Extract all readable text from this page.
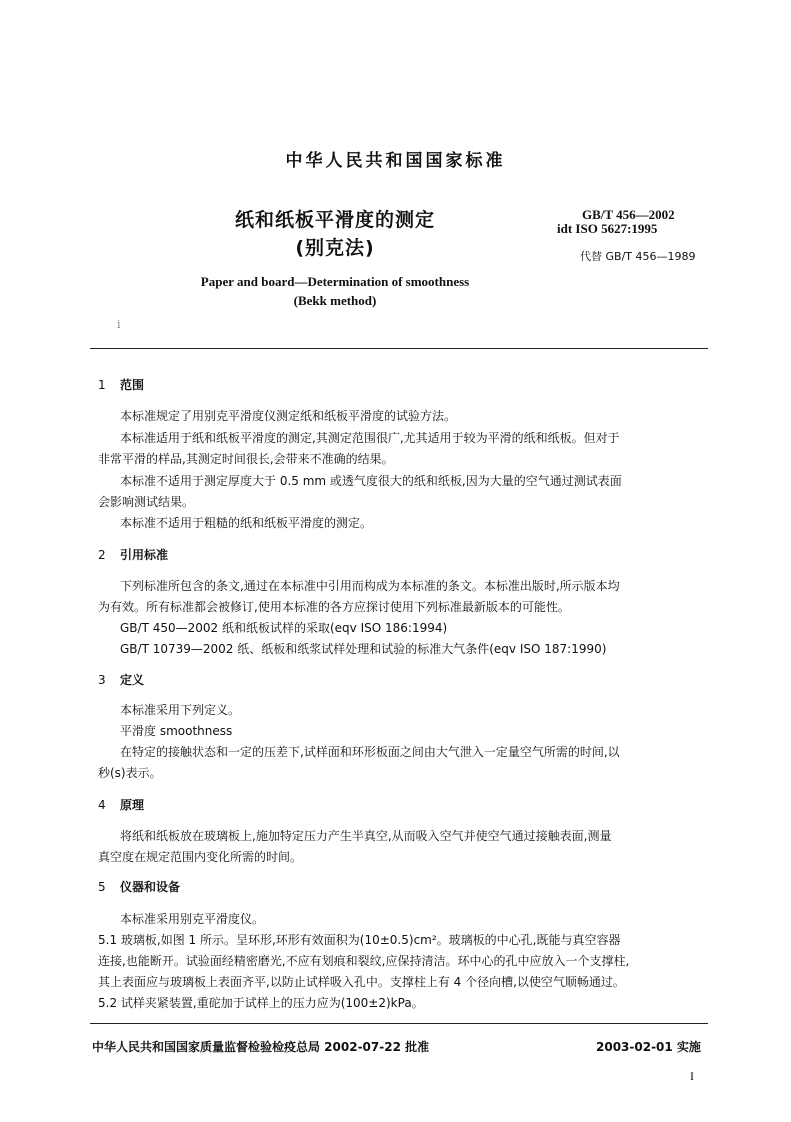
中华人民共和国国家标准
纸和纸板平滑度的测定
(别克法)
GB/T 456—2002
idt ISO 5627:1995
代替 GB/T 456—1989
Paper and board—Determination of smoothness
(Bekk method)
ⅰ
1 范围
本标准规定了用别克平滑度仪测定纸和纸板平滑度的试验方法。
本标准适用于纸和纸板平滑度的测定,其测定范围很广,尤其适用于较为平滑的纸和纸板。但对于
非常平滑的样品,其测定时间很长,会带来不准确的结果。
本标准不适用于测定厚度大于 0.5 mm 或透气度很大的纸和纸板,因为大量的空气通过测试表面
会影响测试结果。
本标准不适用于粗糙的纸和纸板平滑度的测定。
2 引用标准
下列标准所包含的条文,通过在本标准中引用而构成为本标准的条文。本标准出版时,所示版本均
为有效。所有标准都会被修订,使用本标准的各方应探讨使用下列标准最新版本的可能性。
GB/T 450—2002 纸和纸板试样的采取(eqv ISO 186:1994)
GB/T 10739—2002 纸、纸板和纸浆试样处理和试验的标准大气条件(eqv ISO 187:1990)
3 定义
本标准采用下列定义。
平滑度 smoothness
在特定的接触状态和一定的压差下,试样面和环形板面之间由大气泄入一定量空气所需的时间,以
秒(s)表示。
4 原理
将纸和纸板放在玻璃板上,施加特定压力产生半真空,从而吸入空气并使空气通过接触表面,测量
真空度在规定范围内变化所需的时间。
5 仪器和设备
本标准采用别克平滑度仪。
5.1 玻璃板,如图 1 所示。呈环形,环形有效面积为(10±0.5)cm²。玻璃板的中心孔,既能与真空容器
连接,也能断开。试验面经精密磨光,不应有划痕和裂纹,应保持清洁。环中心的孔中应放入一个支撑柱,
其上表面应与玻璃板上表面齐平,以防止试样吸入孔中。支撑柱上有 4 个径向槽,以使空气顺畅通过。
5.2 试样夹紧装置,重砣加于试样上的压力应为(100±2)kPa。
中华人民共和国国家质量监督检验检疫总局 2002-07-22 批准	2003-02-01 实施
I
